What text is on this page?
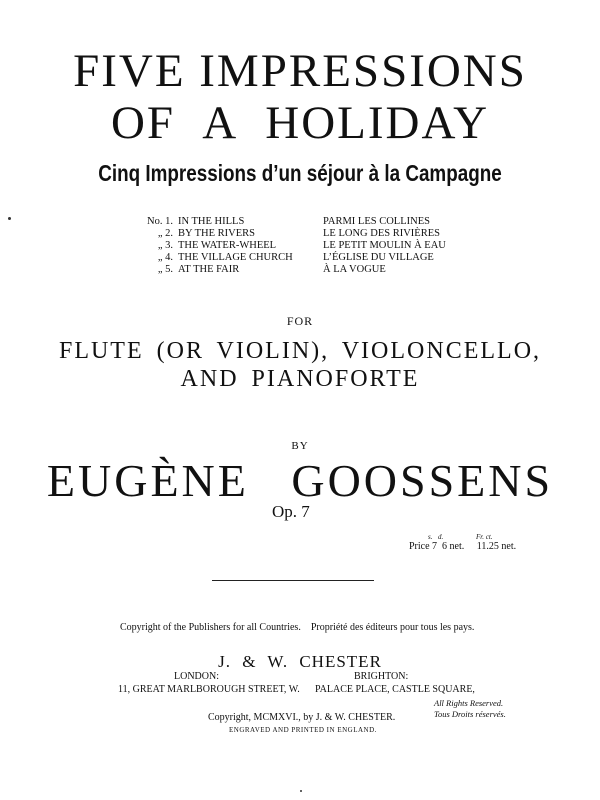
FIVE IMPRESSIONS
OF A HOLIDAY
Cinq Impressions d’un séjour à la Campagne
No. 1. IN THE HILLS	PARMI LES COLLINES
„ 2. BY THE RIVERS	LE LONG DES RIVIÈRES
„ 3. THE WATER-WHEEL	LE PETIT MOULIN À EAU
„ 4. THE VILLAGE CHURCH	L’ÉGLISE DU VILLAGE
„ 5. AT THE FAIR	À LA VOGUE
FOR
FLUTE (OR VIOLIN), VIOLONCELLO,
AND PIANOFORTE
BY
EUGÈNE GOOSSENS
Op. 7
s. d.	Fr. ct.
Price 7  6 net.     11.25 net.
Copyright of the Publishers for all Countries.    Propriété des éditeurs pour tous les pays.
J. & W. CHESTER
LONDON:
11, GREAT MARLBOROUGH STREET, W.
BRIGHTON:
PALACE PLACE, CASTLE SQUARE,
All Rights Reserved.
Tous Droits réservés.
Copyright, MCMXVI., by J. & W. CHESTER.
ENGRAVED AND PRINTED IN ENGLAND.
